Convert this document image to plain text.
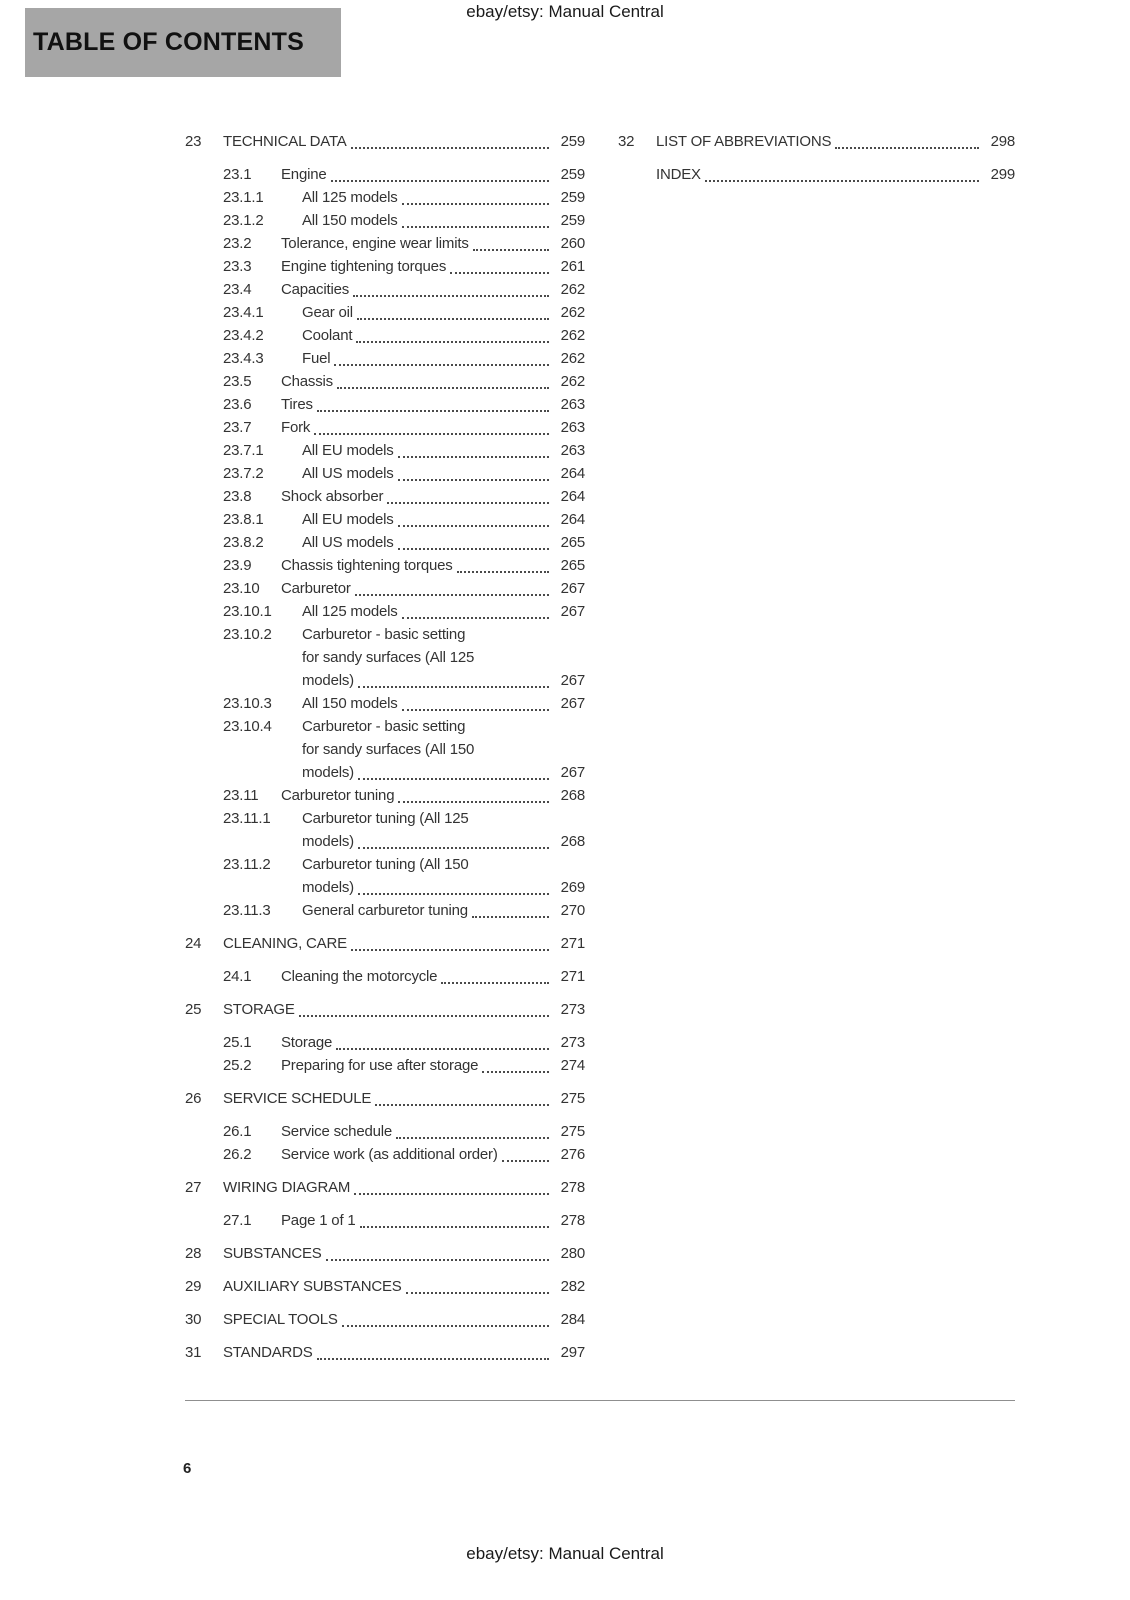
ebay/etsy: Manual Central
TABLE OF CONTENTS
23	TECHNICAL DATA	259
23.1	Engine	259
23.1.1	All 125 models	259
23.1.2	All 150 models	259
23.2	Tolerance, engine wear limits	260
23.3	Engine tightening torques	261
23.4	Capacities	262
23.4.1	Gear oil	262
23.4.2	Coolant	262
23.4.3	Fuel	262
23.5	Chassis	262
23.6	Tires	263
23.7	Fork	263
23.7.1	All EU models	263
23.7.2	All US models	264
23.8	Shock absorber	264
23.8.1	All EU models	264
23.8.2	All US models	265
23.9	Chassis tightening torques	265
23.10	Carburetor	267
23.10.1	All 125 models	267
23.10.2	Carburetor - basic setting
for sandy surfaces (All 125
models)	267
23.10.3	All 150 models	267
23.10.4	Carburetor - basic setting
for sandy surfaces (All 150
models)	267
23.11	Carburetor tuning	268
23.11.1	Carburetor tuning (All 125
models)	268
23.11.2	Carburetor tuning (All 150
models)	269
23.11.3	General carburetor tuning	270
24	CLEANING, CARE	271
24.1	Cleaning the motorcycle	271
25	STORAGE	273
25.1	Storage	273
25.2	Preparing for use after storage	274
26	SERVICE SCHEDULE	275
26.1	Service schedule	275
26.2	Service work (as additional order)	276
27	WIRING DIAGRAM	278
27.1	Page 1 of 1	278
28	SUBSTANCES	280
29	AUXILIARY SUBSTANCES	282
30	SPECIAL TOOLS	284
31	STANDARDS	297
32	LIST OF ABBREVIATIONS	298
INDEX	299
6
ebay/etsy: Manual Central
